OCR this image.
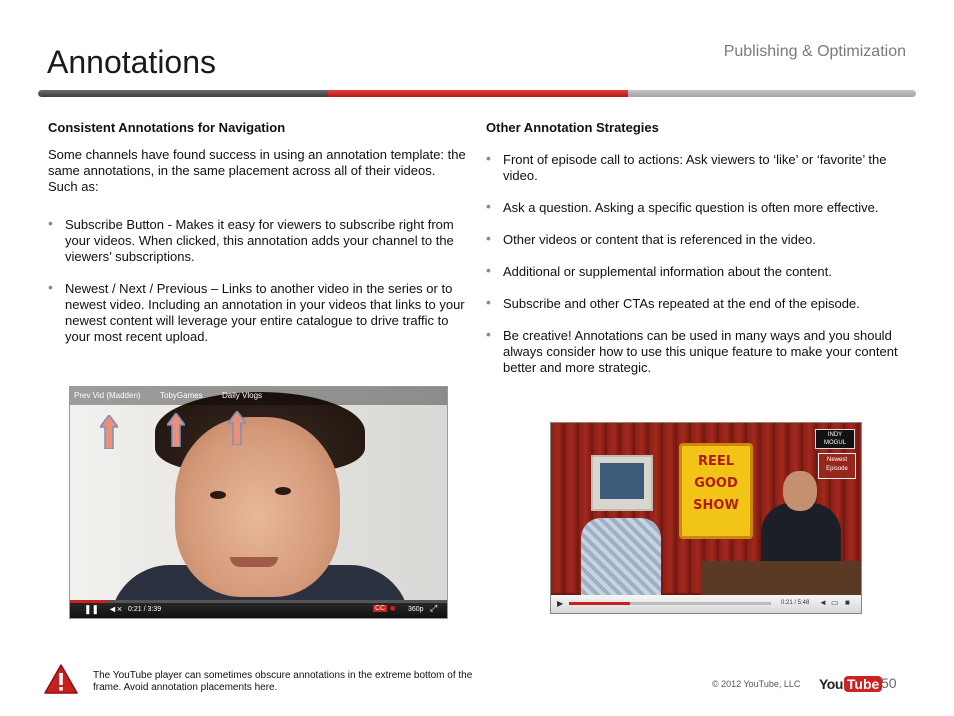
Annotations	Publishing & Optimization

Consistent Annotations for Navigation

Some channels have found success in using an annotation template: the same annotations, in the same placement across all of their videos. Such as:

• Subscribe Button - Makes it easy for viewers to subscribe right from your videos. When clicked, this annotation adds your channel to the viewers’ subscriptions.
• Newest / Next / Previous – Links to another video in the series or to newest video. Including an annotation in your videos that links to your newest content will leverage your entire catalogue to drive traffic to your most recent upload.

Other Annotation Strategies

• Front of episode call to actions: Ask viewers to ‘like’ or ‘favorite’ the video.
• Ask a question. Asking a specific question is often more effective.
• Other videos or content that is referenced in the video.
• Additional or supplemental information about the content.
• Subscribe and other CTAs repeated at the end of the episode.
• Be creative! Annotations can be used in many ways and you should always consider how to use this unique feature to make your content better and more strategic.
Prev Vid (Madden) TobyGames Daily Vlogs
❚❚ ◄× 0:21 / 3:39	CC ■ 360p ⤢
REEL
GOOD
SHOW
INDY
MOGUL
Newest
Episode
▶	0:21 / 5:48 ◄ ▭ ■
The YouTube player can sometimes obscure annotations in the extreme bottom of the frame. Avoid annotation placements here.	© 2012 YouTube, LLC You Tube 50
